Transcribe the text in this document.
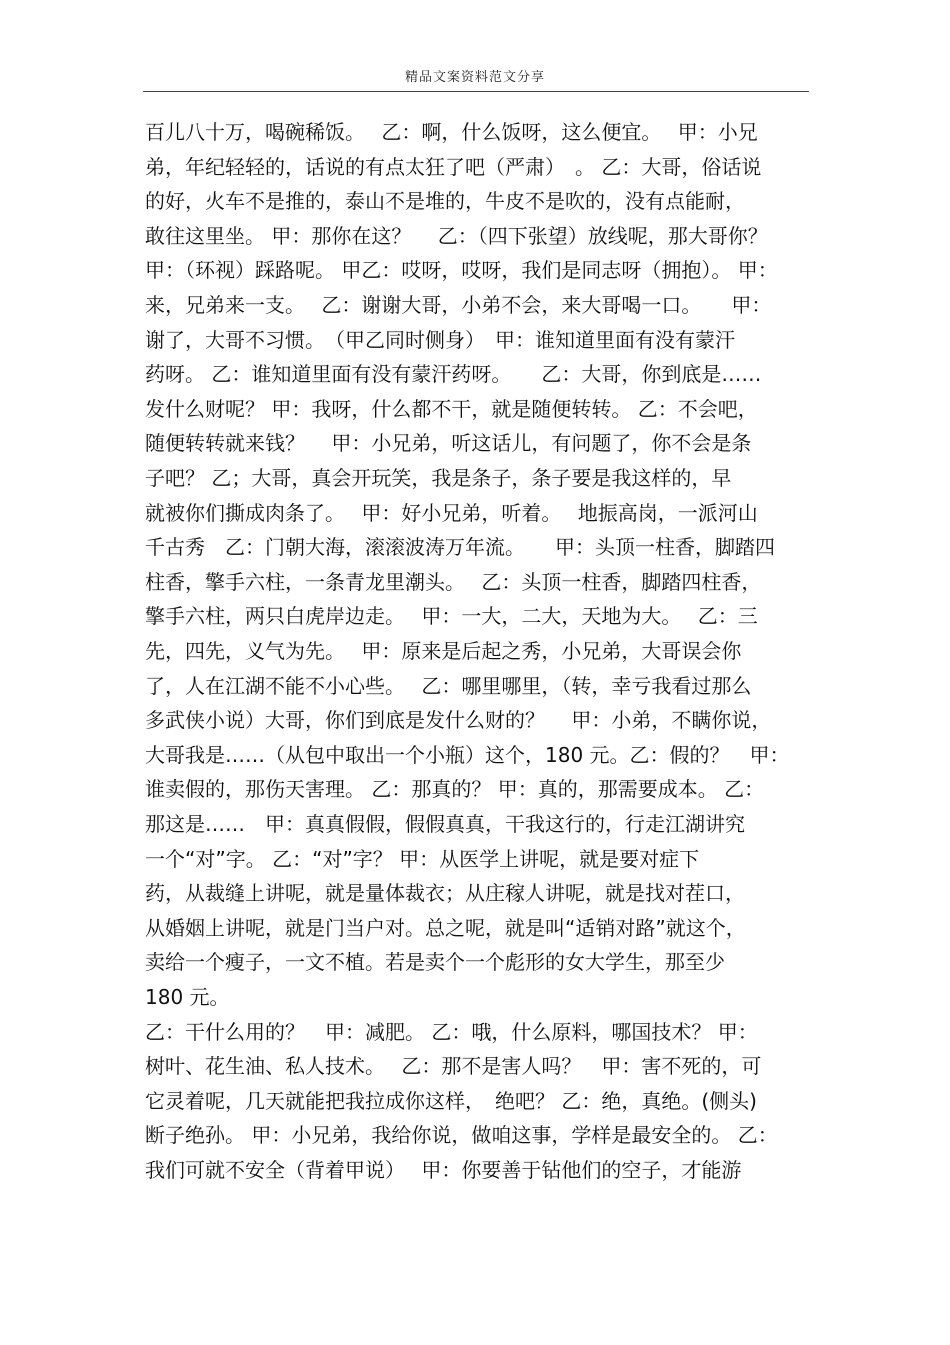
精品文案资料范文分享
百儿八十万，喝碗稀饭。　 乙：啊，什么饭呀，这么便宜。　 甲：小兄
弟，年纪轻轻的，话说的有点太狂了吧（严肃）　。 乙：大哥，俗话说
的好，火车不是推的，泰山不是堆的，牛皮不是吹的，没有点能耐，
敢往这里坐。 甲：那你在这？　 乙：（四下张望）放线呢，那大哥你？
甲：（环视）踩路呢。 甲乙：哎呀，哎呀，我们是同志呀（拥抱）。 甲：
来，兄弟来一支。　 乙：谢谢大哥，小弟不会，来大哥喝一口。　　甲：
谢了，大哥不习惯。　（甲乙同时侧身）　甲：谁知道里面有没有蒙汗
药呀。 乙：谁知道里面有没有蒙汗药呀。　　乙：大哥，你到底是……
发什么财呢？ 甲：我呀，什么都不干，就是随便转转。 乙：不会吧，
随便转转就来钱？　 甲：小兄弟，听这话儿，有问题了，你不会是条
子吧？ 乙；大哥，真会开玩笑，我是条子，条子要是我这样的，早
就被你们撕成肉条了。　 甲：好小兄弟，听着。　 地振高岗，一派河山
千古秀　乙：门朝大海，滚滚波涛万年流。　　甲：头顶一柱香，脚踏四
柱香，擎手六柱，一条青龙里潮头。　 乙：头顶一柱香，脚踏四柱香，
擎手六柱，两只白虎岸边走。　 甲：一大，二大，天地为大。　 乙：三
先，四先，义气为先。　 甲：原来是后起之秀，小兄弟，大哥误会你
了，人在江湖不能不小心些。　 乙：哪里哪里，（转，幸亏我看过那么
多武侠小说）大哥，你们到底是发什么财的？　 甲：小弟，不瞒你说，
大哥我是……（从包中取出一个小瓶）这个，180 元。乙：假的？　甲：
谁卖假的，那伤天害理。 乙：那真的？ 甲：真的，那需要成本。 乙：
那这是……　甲：真真假假，假假真真，干我这行的，行走江湖讲究
一个“对”字。 乙：“对”字？ 甲：从医学上讲呢，就是要对症下
药，从裁缝上讲呢，就是量体裁衣；从庄稼人讲呢，就是找对茬口，
从婚姻上讲呢，就是门当户对。总之呢，就是叫“适销对路”就这个，
卖给一个瘦子，一文不植。若是卖个一个彪形的女大学生，那至少
180 元。
乙：干什么用的？　甲：减肥。 乙：哦，什么原料，哪国技术？ 甲：
树叶、花生油、私人技术。　 乙：那不是害人吗？　甲：害不死的，可
它灵着呢，几天就能把我拉成你这样，　绝吧？ 乙：绝，真绝。(侧头)
断子绝孙。 甲：小兄弟，我给你说，做咱这事，学样是最安全的。 乙：
我们可就不安全（背着甲说）　 甲：你要善于钻他们的空子，才能游
